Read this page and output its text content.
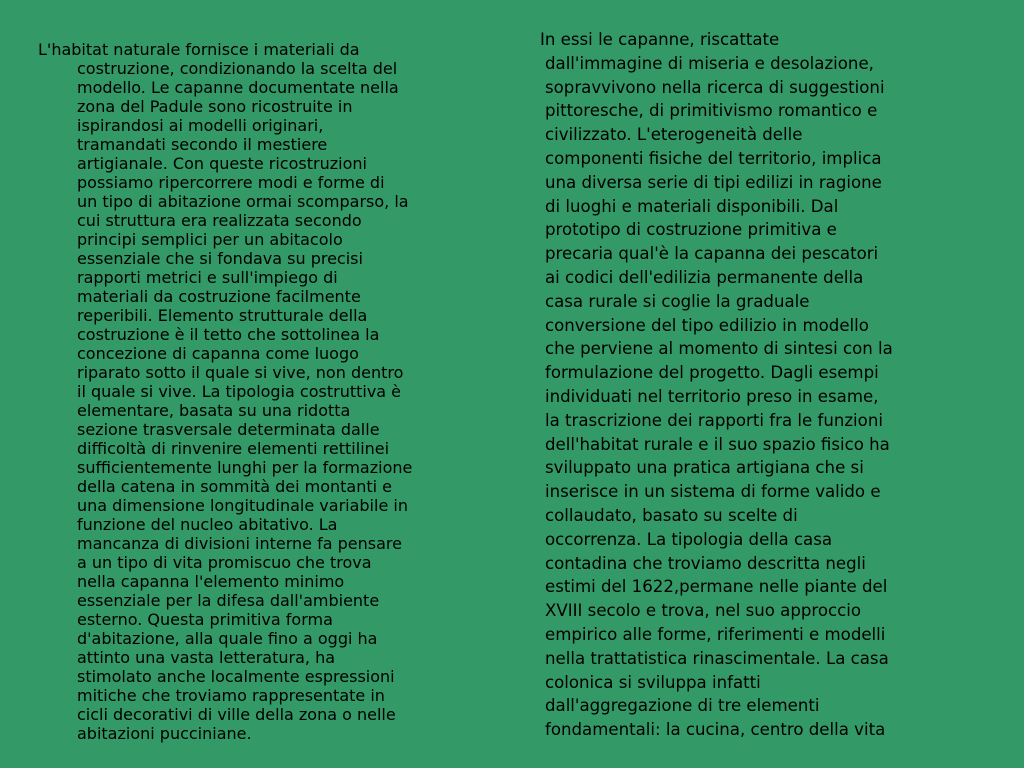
L'habitat naturale fornisce i materiali da
costruzione, condizionando la scelta del
modello. Le capanne documentate nella
zona del Padule sono ricostruite in
ispirandosi ai modelli originari,
tramandati secondo il mestiere
artigianale. Con queste ricostruzioni
possiamo ripercorrere modi e forme di
un tipo di abitazione ormai scomparso, la
cui struttura era realizzata secondo
principi semplici per un abitacolo
essenziale che si fondava su precisi
rapporti metrici e sull'impiego di
materiali da costruzione facilmente
reperibili. Elemento strutturale della
costruzione è il tetto che sottolinea la
concezione di capanna come luogo
riparato sotto il quale si vive, non dentro
il quale si vive. La tipologia costruttiva è
elementare, basata su una ridotta
sezione trasversale determinata dalle
difficoltà di rinvenire elementi rettilinei
sufficientemente lunghi per la formazione
della catena in sommità dei montanti e
una dimensione longitudinale variabile in
funzione del nucleo abitativo. La
mancanza di divisioni interne fa pensare
a un tipo di vita promiscuo che trova
nella capanna l'elemento minimo
essenziale per la difesa dall'ambiente
esterno. Questa primitiva forma
d'abitazione, alla quale fino a oggi ha
attinto una vasta letteratura, ha
stimolato anche localmente espressioni
mitiche che troviamo rappresentate in
cicli decorativi di ville della zona o nelle
abitazioni pucciniane.
In essi le capanne, riscattate
dall'immagine di miseria e desolazione,
sopravvivono nella ricerca di suggestioni
pittoresche, di primitivismo romantico e
civilizzato. L'eterogeneità delle
componenti fisiche del territorio, implica
una diversa serie di tipi edilizi in ragione
di luoghi e materiali disponibili. Dal
prototipo di costruzione primitiva e
precaria qual'è la capanna dei pescatori
ai codici dell'edilizia permanente della
casa rurale si coglie la graduale
conversione del tipo edilizio in modello
che perviene al momento di sintesi con la
formulazione del progetto. Dagli esempi
individuati nel territorio preso in esame,
la trascrizione dei rapporti fra le funzioni
dell'habitat rurale e il suo spazio fisico ha
sviluppato una pratica artigiana che si
inserisce in un sistema di forme valido e
collaudato, basato su scelte di
occorrenza. La tipologia della casa
contadina che troviamo descritta negli
estimi del 1622,permane nelle piante del
XVIII secolo e trova, nel suo approccio
empirico alle forme, riferimenti e modelli
nella trattatistica rinascimentale. La casa
colonica si sviluppa infatti
dall'aggregazione di tre elementi
fondamentali: la cucina, centro della vita
